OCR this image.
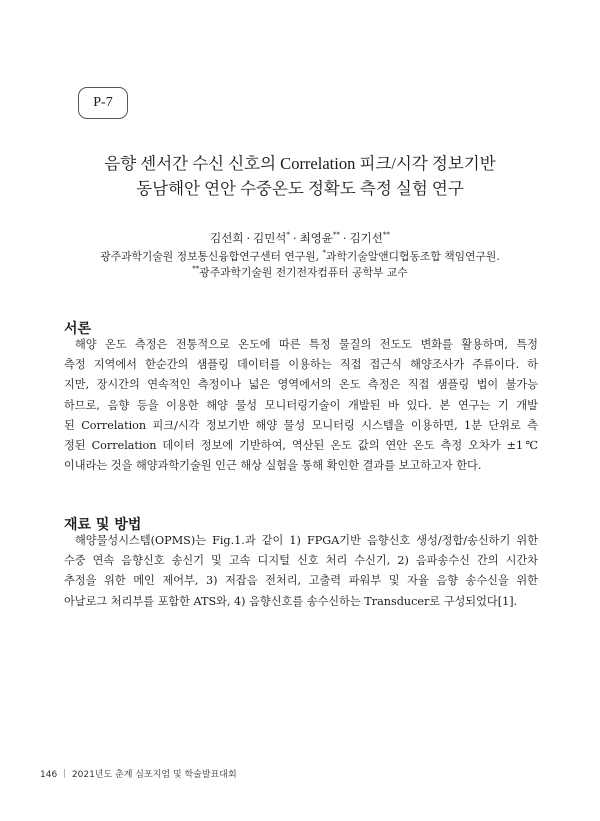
P-7
음향 센서간 수신 신호의 Correlation 피크/시각 정보기반
동남해안 연안 수중온도 정확도 측정 실험 연구
김선희 · 김민석* · 최영윤** · 김기선**
광주과학기술원 정보통신융합연구센터 연구원, *과학기술알앤디협동조합 책임연구원.
**광주과학기술원 전기전자컴퓨터 공학부 교수
서론
해양 온도 측정은 전통적으로 온도에 따른 특정 물질의 전도도 변화를 활용하며, 특정
측정 지역에서 한순간의 샘플링 데이터를 이용하는 직접 접근식 해양조사가 주류이다. 하
지만, 장시간의 연속적인 측정이나 넓은 영역에서의 온도 측정은 직접 샘플링 법이 불가능
하므로, 음향 등을 이용한 해양 물성 모니터링기술이 개발된 바 있다. 본 연구는 기 개발
된 Correlation 피크/시각 정보기반 해양 물성 모니터링 시스템을 이용하면, 1분 단위로 측
정된 Correlation 데이터 정보에 기반하여, 역산된 온도 값의 연안 온도 측정 오차가 ±1℃
이내라는 것을 해양과학기술원 인근 해상 실험을 통해 확인한 결과를 보고하고자 한다.
재료 및 방법
해양물성시스템(OPMS)는 Fig.1.과 같이 1) FPGA기반 음향신호 생성/정합/송신하기 위한
수중 연속 음향신호 송신기 및 고속 디지털 신호 처리 수신기, 2) 음파송수신 간의 시간차
추정을 위한 메인 제어부, 3) 저잡음 전처리, 고출력 파워부 및 자율 음향 송수신을 위한
아날로그 처리부를 포함한 ATS와, 4) 음향신호를 송수신하는 Transducer로 구성되었다[1].
146 ｜ 2021년도 춘계 심포지엄 및 학술발표대회
